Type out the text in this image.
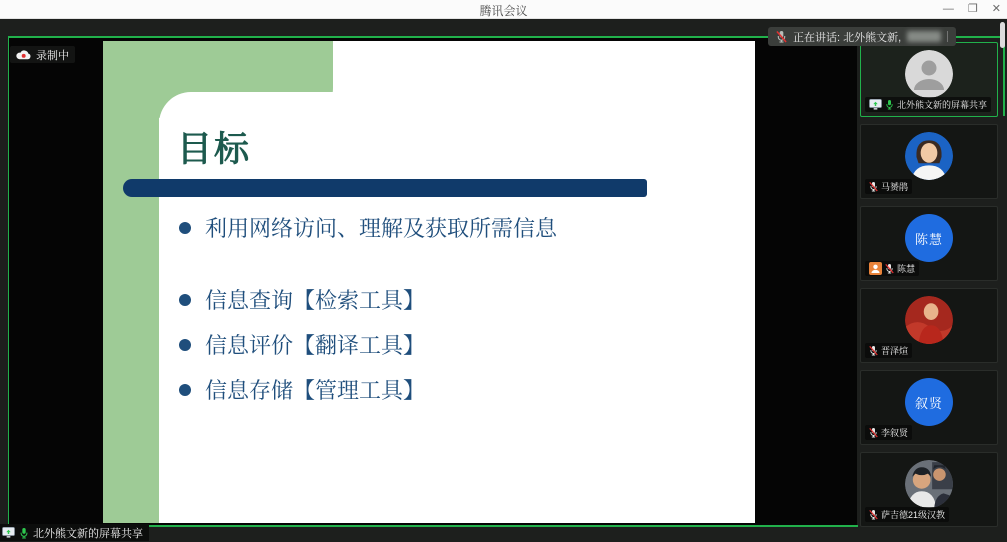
腾讯会议	— ❐ ✕
目标
利用网络访问、理解及获取所需信息
信息查询【检索工具】
信息评价【翻译工具】
信息存储【管理工具】
录制中
正在讲话: 北外熊文新,
北外熊文新的屏幕共享
北外熊文新的屏幕共享
马赟鹃
陈慧
陈慧
晋泽煊
叙贤
李叙贤
萨吉德21级汉教
